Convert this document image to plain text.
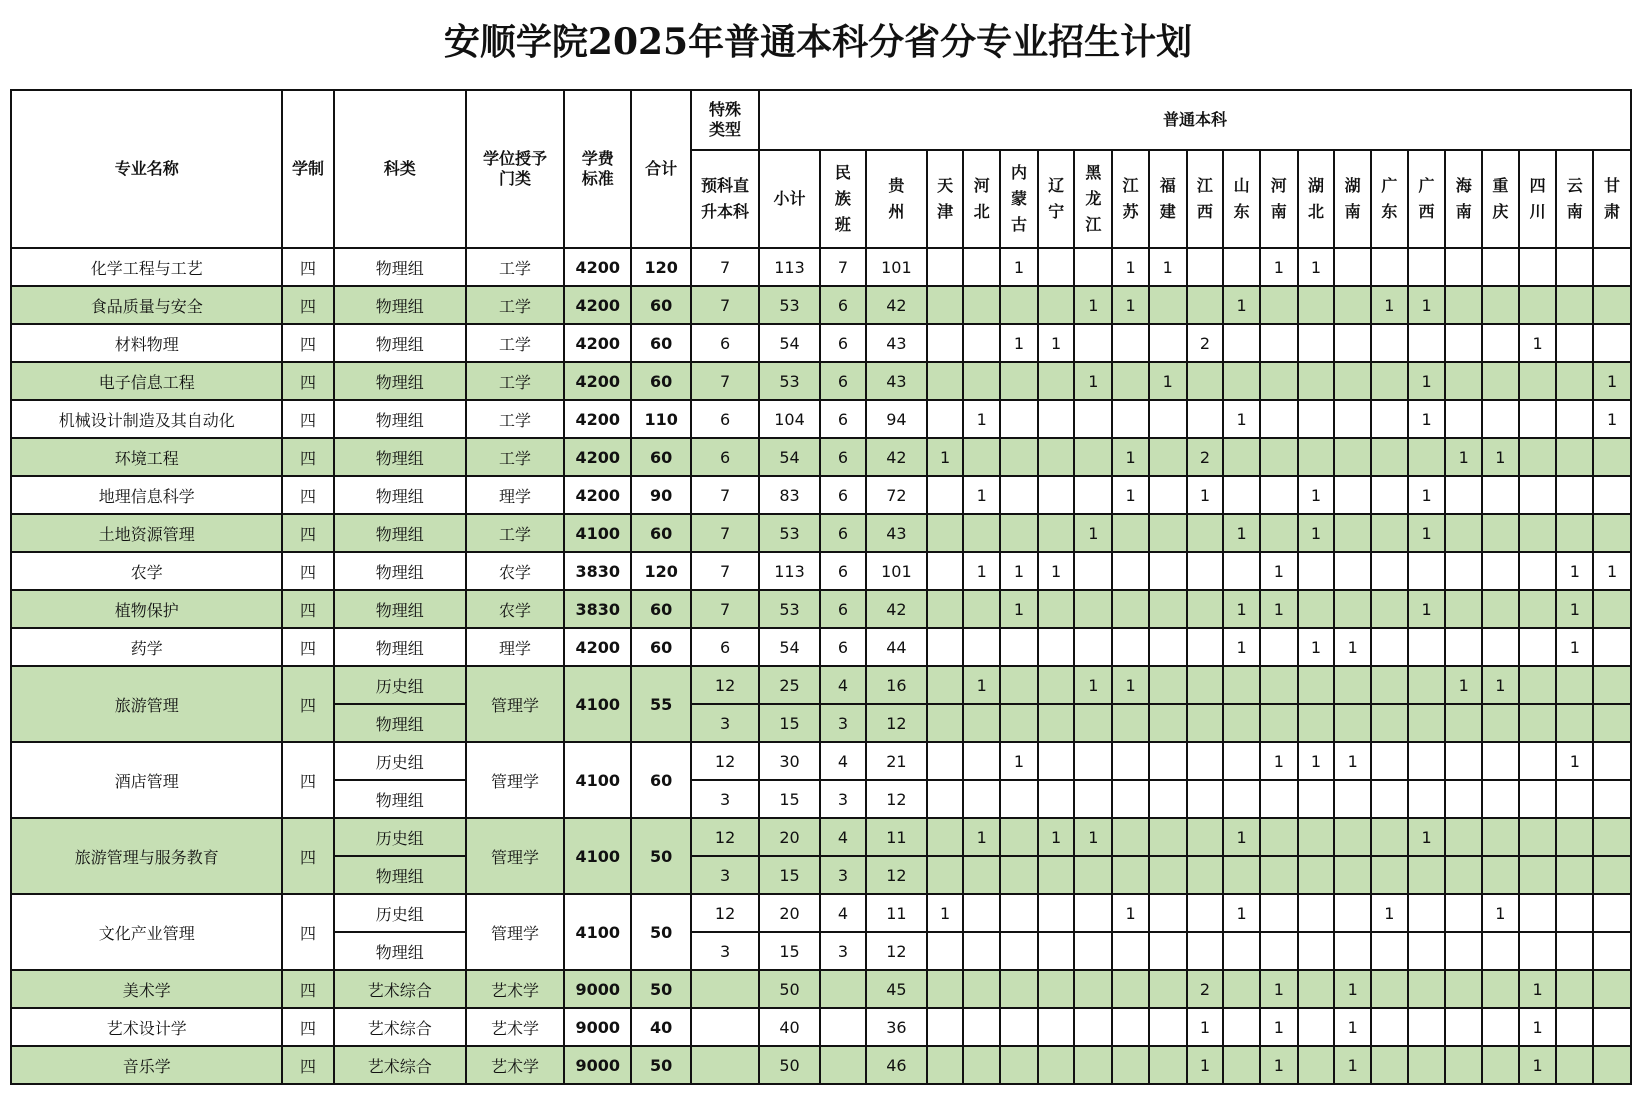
安顺学院2025年普通本科分省分专业招生计划
专业名称	学制	科类	学位授予门类	学费标准	合计	特殊类型	普通本科																					
						预科直升本科	小计	民族班	贵州	天津	河北	内蒙古	辽宁	黑龙江	江苏	福建	江西	山东	河南	湖北	湖南	广东	广西	海南	重庆	四川	云南	甘肃
化学工程与工艺	四	物理组	工学	4200	120	7	113	7	101			1			1	1			1	1								
食品质量与安全	四	物理组	工学	4200	60	7	53	6	42					1	1			1				1	1					
材料物理	四	物理组	工学	4200	60	6	54	6	43			1	1				2									1		
电子信息工程	四	物理组	工学	4200	60	7	53	6	43					1		1							1					1
机械设计制造及其自动化	四	物理组	工学	4200	110	6	104	6	94		1							1					1					1
环境工程	四	物理组	工学	4200	60	6	54	6	42	1					1		2							1	1			
地理信息科学	四	物理组	理学	4200	90	7	83	6	72		1				1		1			1			1					
土地资源管理	四	物理组	工学	4100	60	7	53	6	43					1				1		1			1					
农学	四	物理组	农学	3830	120	7	113	6	101		1	1	1						1								1	1
植物保护	四	物理组	农学	3830	60	7	53	6	42			1						1	1				1				1	
药学	四	物理组	理学	4200	60	6	54	6	44									1		1	1						1	
旅游管理	四	历史组	管理学	4100	55	12	25	4	16		1			1	1									1	1			
		物理组				3	15	3	12																			
酒店管理	四	历史组	管理学	4100	60	12	30	4	21			1							1	1	1						1	
		物理组				3	15	3	12																			
旅游管理与服务教育	四	历史组	管理学	4100	50	12	20	4	11		1		1	1				1					1					
		物理组				3	15	3	12																			
文化产业管理	四	历史组	管理学	4100	50	12	20	4	11	1					1			1				1			1			
		物理组				3	15	3	12																			
美术学	四	艺术综合	艺术学	9000	50		50		45								2		1		1					1		
艺术设计学	四	艺术综合	艺术学	9000	40		40		36								1		1		1					1		
音乐学	四	艺术综合	艺术学	9000	50		50		46								1		1		1					1		
